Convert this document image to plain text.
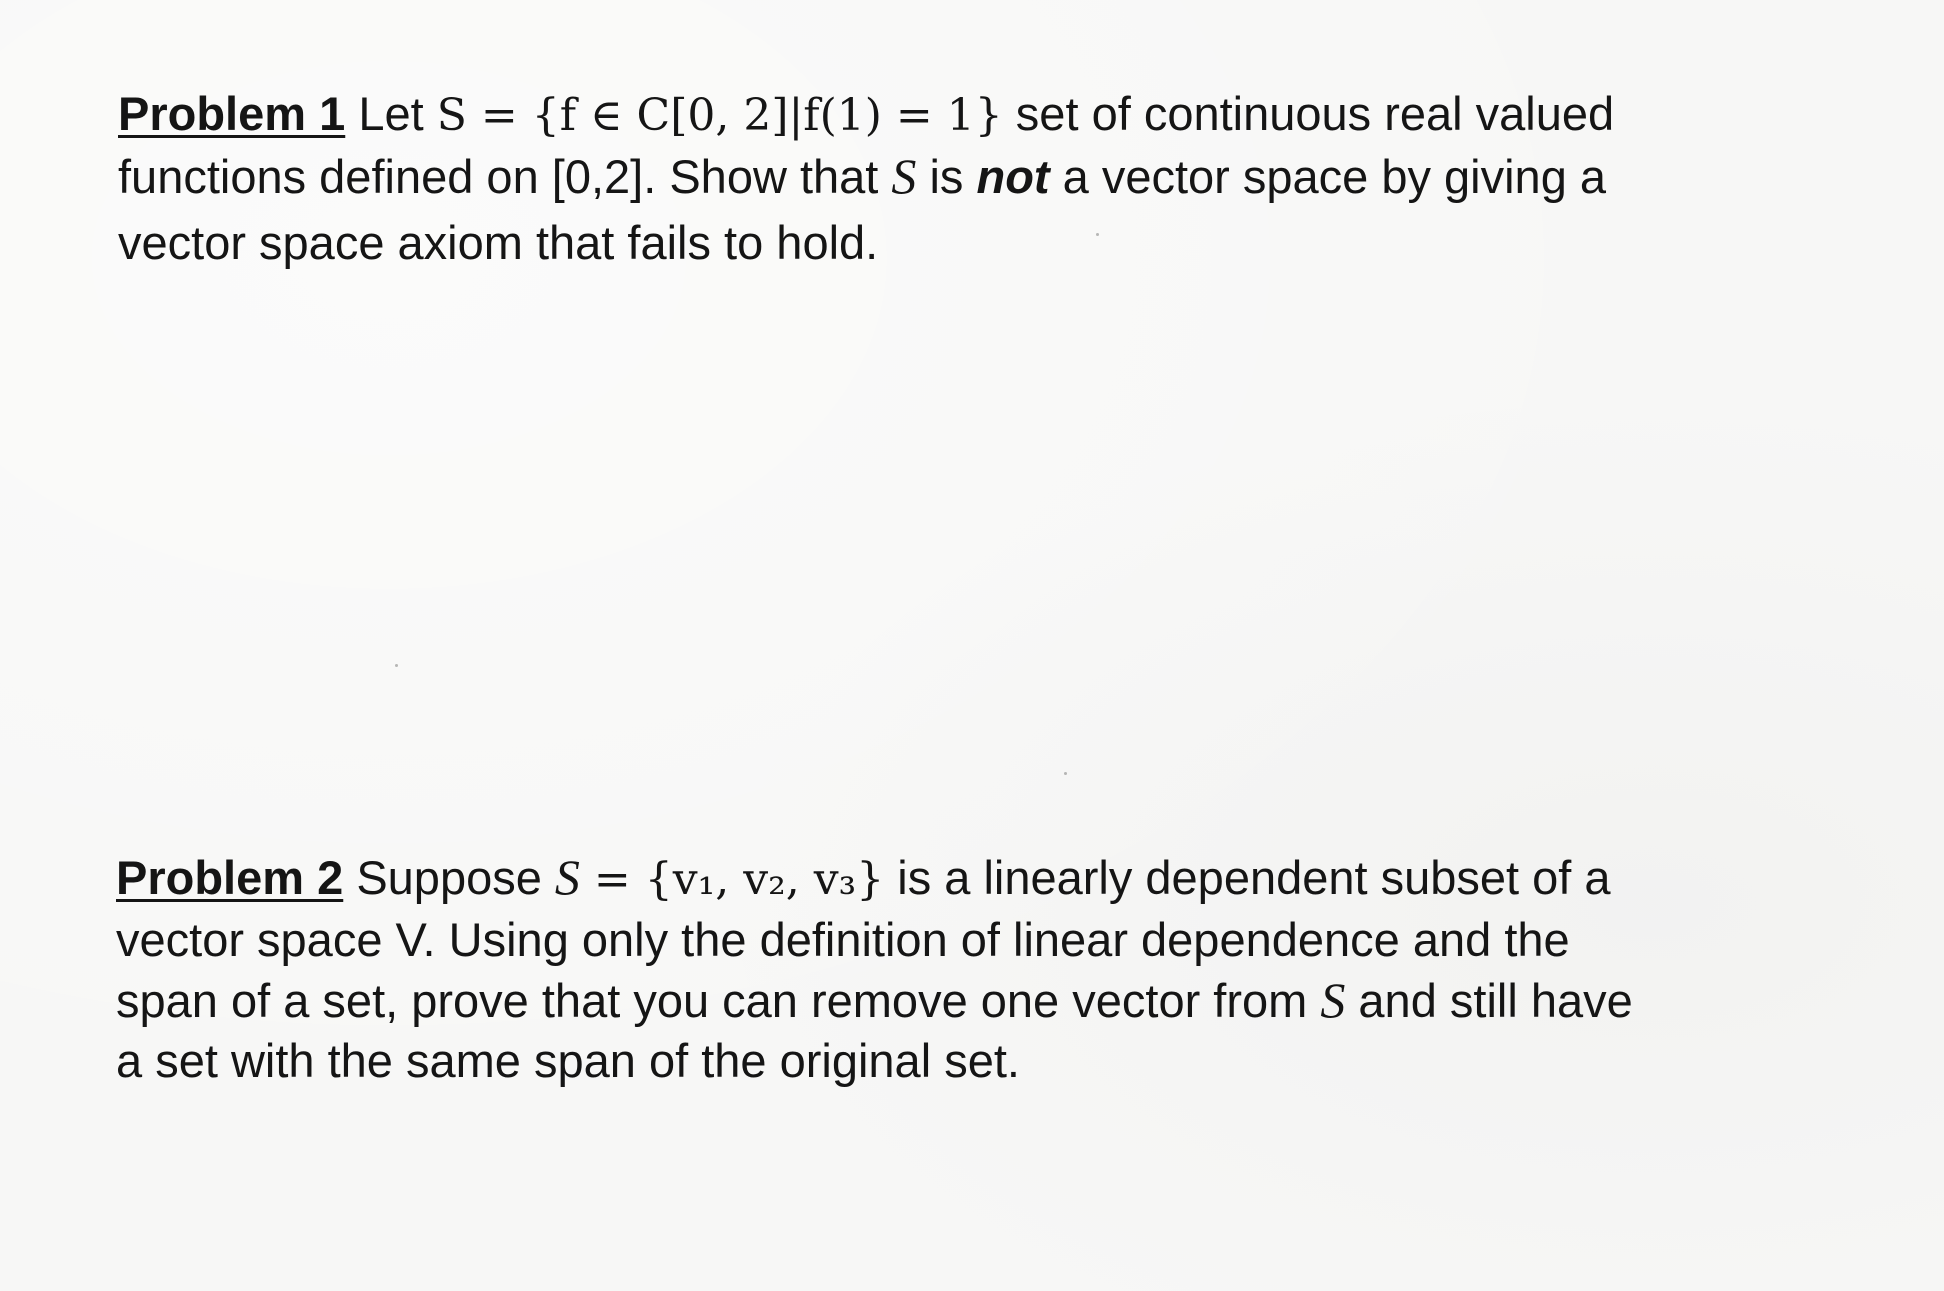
Problem 1 Let S = {f ∈ C[0, 2]|f(1) = 1} set of continuous real valued
functions defined on [0,2]. Show that S is not a vector space by giving a
vector space axiom that fails to hold.
Problem 2 Suppose S = {v₁, v₂, v₃} is a linearly dependent subset of a
vector space V. Using only the definition of linear dependence and the
span of a set, prove that you can remove one vector from S and still have
a set with the same span of the original set.
